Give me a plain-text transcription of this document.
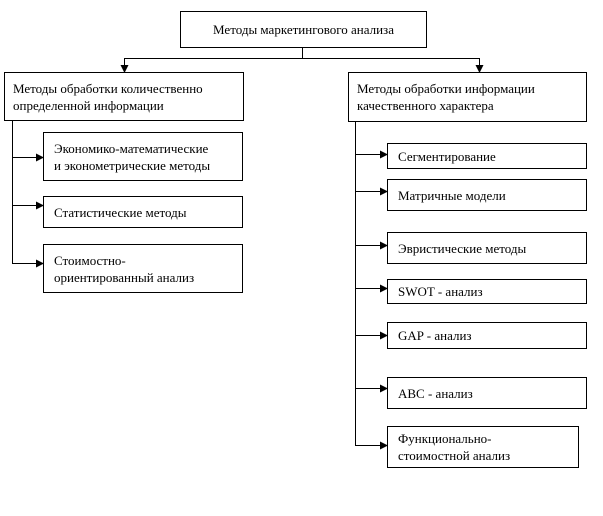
Методы маркетингового анализа
Методы обработки количественно
определенной информации
Методы обработки информации
качественного характера
Экономико-математические
и эконометрические методы
Статистические методы
Стоимостно-
ориентированный анализ
Сегментирование
Матричные модели
Эвристические методы
SWOT - анализ
GAP - анализ
ABC - анализ
Функционально-
стоимостной анализ
